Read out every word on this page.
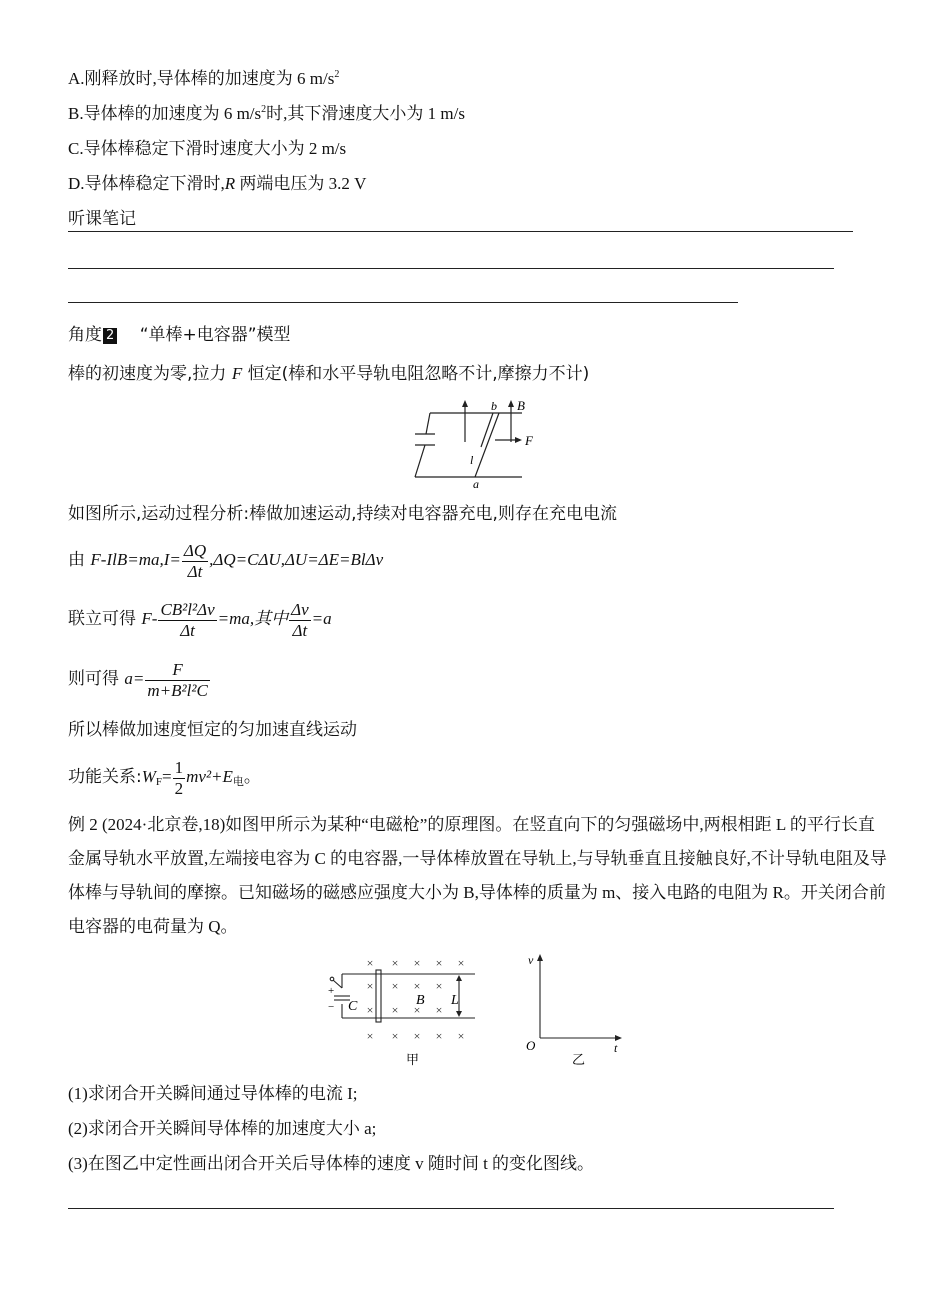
A.刚释放时,导体棒的加速度为 6 $m/s^2$
B.导体棒的加速度为 6 $m/s^2$时,其下滑速度大小为 1 m/s
C.导体棒稳定下滑时速度大小为 2 m/s
D.导体棒稳定下滑时,R 两端电压为 3.2 V
听课笔记
角度 2 “单棒+电容器”模型
棒的初速度为零,拉力 F 恒定(棒和水平导轨电阻忽略不计,摩擦力不计)
b B
F
l
a
如图所示,运动过程分析:棒做加速运动,持续对电容器充电,则存在充电电流
由 $F-IlB=ma,I= \frac{\Delta Q}{\Delta t} ,\Delta Q=C\Delta U,\Delta U=\Delta E=Bl\Delta v$
联立可得 $F- \frac{\text{CB²l²Δv}}{\Delta t} =ma$,其中 $\frac{\Delta v}{\Delta t} =a$
则可得 $a= \frac{F}{\text{m+B²l²C}}$
所以棒做加速度恒定的匀加速直线运动
功能关系$:W_F= \frac{1}{2} mv^2+E_电$。
例 2 (2024·北京卷,18)如图甲所示为某种“电磁枪”的原理图。在竖直向下的匀强磁场中,两根相距 L 的平行长直金属导轨水平放置,左端接电容为 C 的电容器,一导体棒放置在导轨上,与导轨垂直且接触良好,不计导轨电阻及导体棒与导轨间的摩擦。已知磁场的磁感应强度大小为 B,导体棒的质量为 m、接入电路的电阻为 R。开关闭合前电容器的电荷量为 Q。
× × × × ×
× × × ×
× × × ×
× × × × ×
+
− C	B L
甲
v
t
O
乙
(1)求闭合开关瞬间通过导体棒的电流 I;
(2)求闭合开关瞬间导体棒的加速度大小 a;
(3)在图乙中定性画出闭合开关后导体棒的速度 v 随时间 t 的变化图线。
